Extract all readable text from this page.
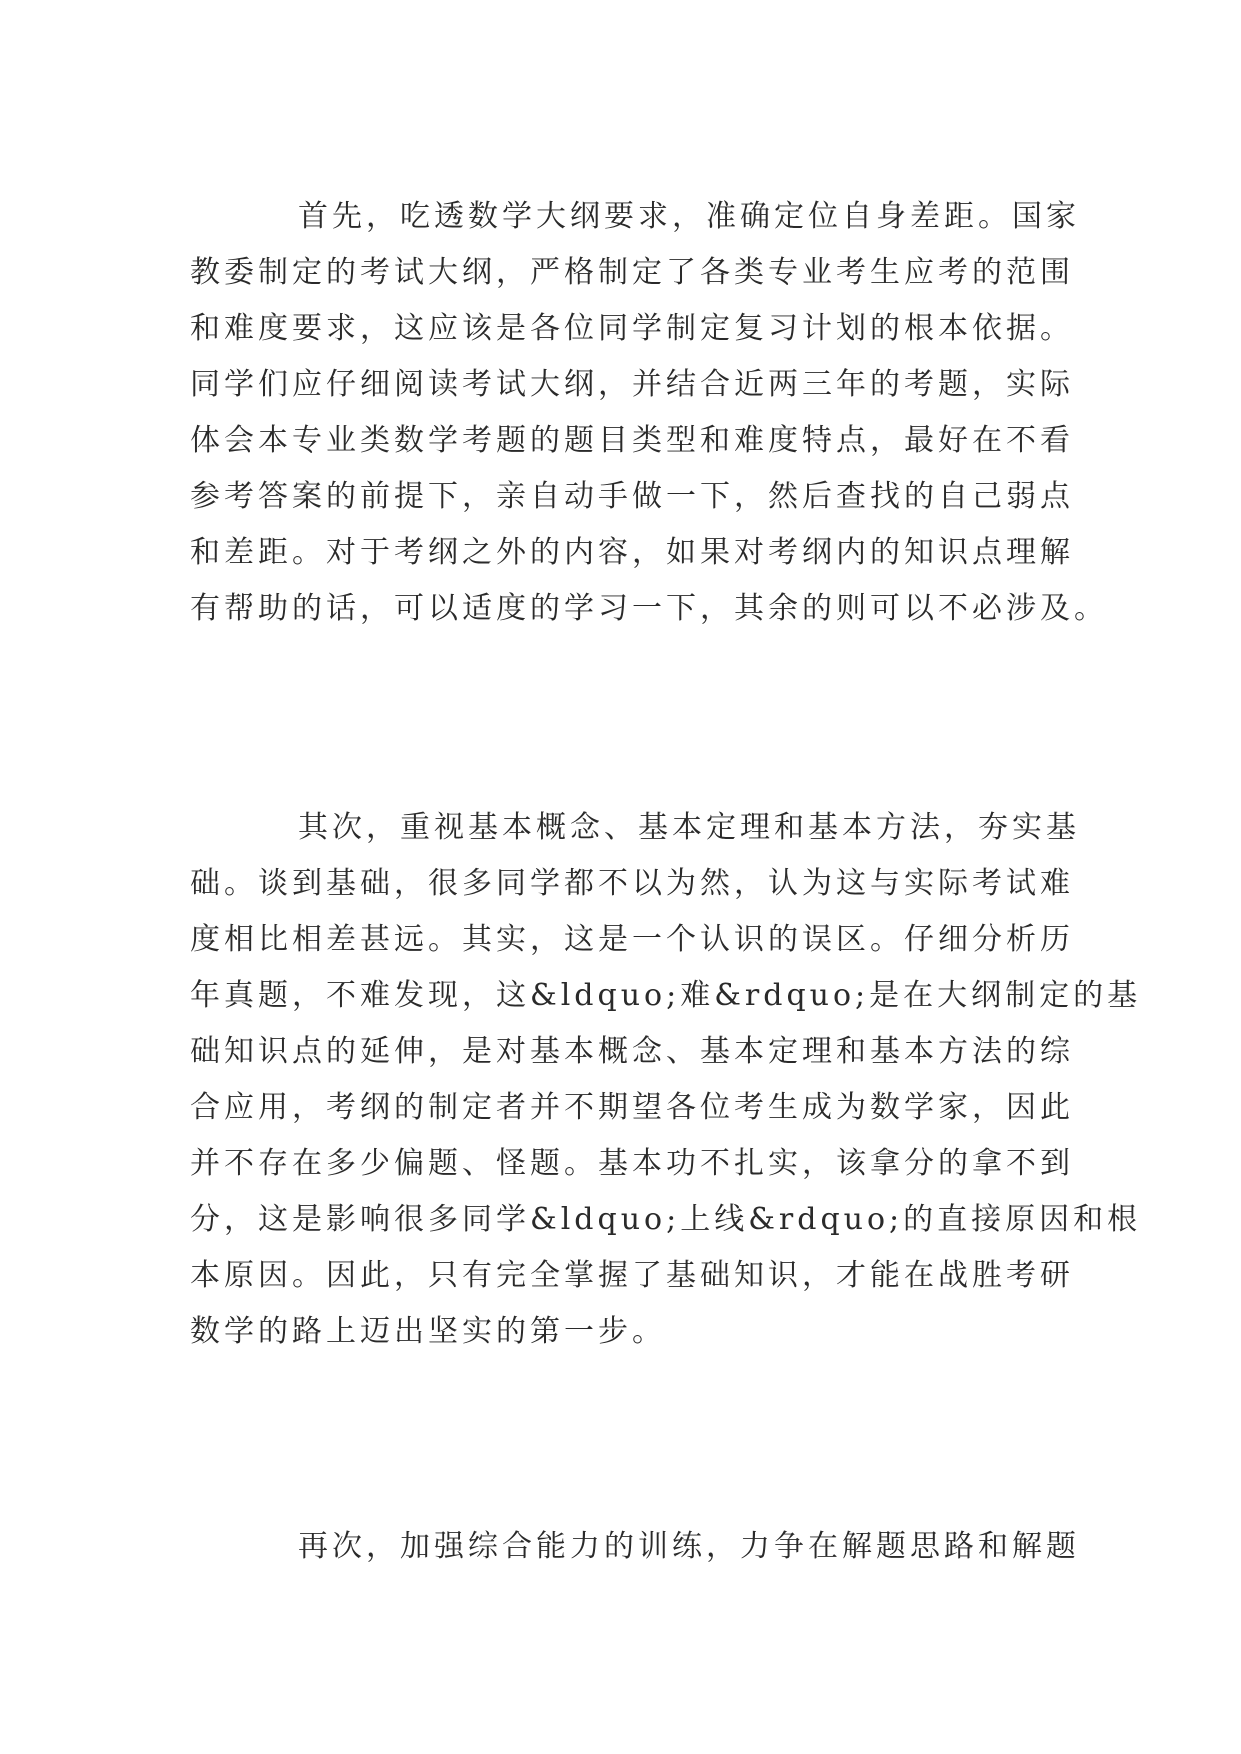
首先，吃透数学大纲要求，准确定位自身差距。国家
教委制定的考试大纲，严格制定了各类专业考生应考的范围
和难度要求，这应该是各位同学制定复习计划的根本依据。
同学们应仔细阅读考试大纲，并结合近两三年的考题，实际
体会本专业类数学考题的题目类型和难度特点，最好在不看
参考答案的前提下，亲自动手做一下，然后查找的自己弱点
和差距。对于考纲之外的内容，如果对考纲内的知识点理解
有帮助的话，可以适度的学习一下，其余的则可以不必涉及。
其次，重视基本概念、基本定理和基本方法，夯实基
础。谈到基础，很多同学都不以为然，认为这与实际考试难
度相比相差甚远。其实，这是一个认识的误区。仔细分析历
年真题，不难发现，这&ldquo;难&rdquo;是在大纲制定的基
础知识点的延伸，是对基本概念、基本定理和基本方法的综
合应用，考纲的制定者并不期望各位考生成为数学家，因此
并不存在多少偏题、怪题。基本功不扎实，该拿分的拿不到
分，这是影响很多同学&ldquo;上线&rdquo;的直接原因和根
本原因。因此，只有完全掌握了基础知识，才能在战胜考研
数学的路上迈出坚实的第一步。
再次，加强综合能力的训练，力争在解题思路和解题
